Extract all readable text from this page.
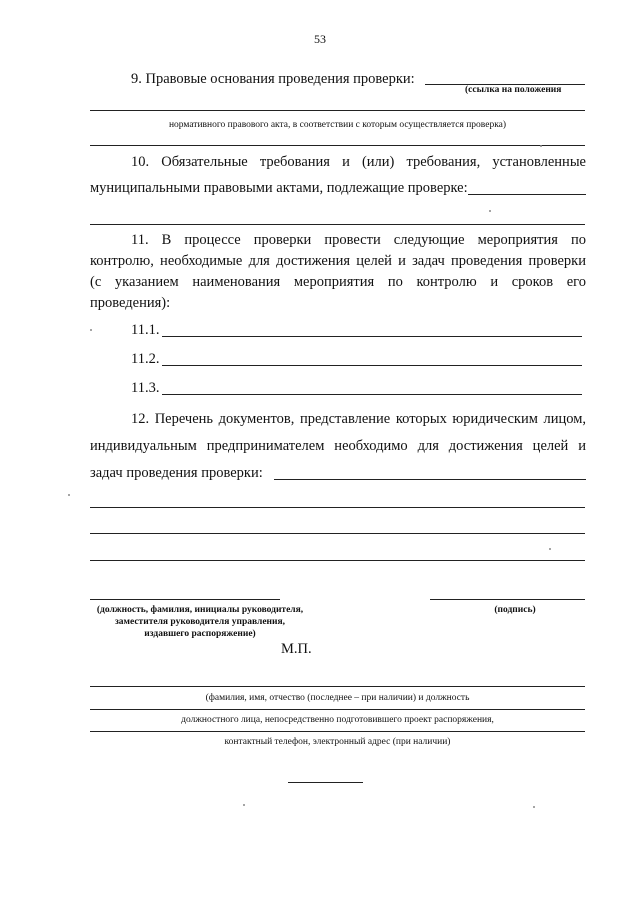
53
9. Правовые основания проведения проверки:
(ссылка на положения
нормативного правового акта, в соответствии с которым осуществляется проверка)
10. Обязательные требования и (или) требования, установленные
муниципальными правовыми актами, подлежащие проверке:
11. В процессе проверки провести следующие мероприятия по
контролю, необходимые для достижения целей и задач проведения проверки
(с указанием наименования мероприятия по контролю и сроков его
проведения):
11.1.
11.2.
11.3.
12. Перечень документов, представление которых юридическим лицом,
индивидуальным предпринимателем необходимо для достижения целей и
задач проведения проверки:
(должность, фамилия, инициалы руководителя,
заместителя руководителя управления,
издавшего распоряжение)
(подпись)
М.П.
(фамилия, имя, отчество (последнее – при наличии) и должность
должностного лица, непосредственно подготовившего проект распоряжения,
контактный телефон, электронный адрес (при наличии)
